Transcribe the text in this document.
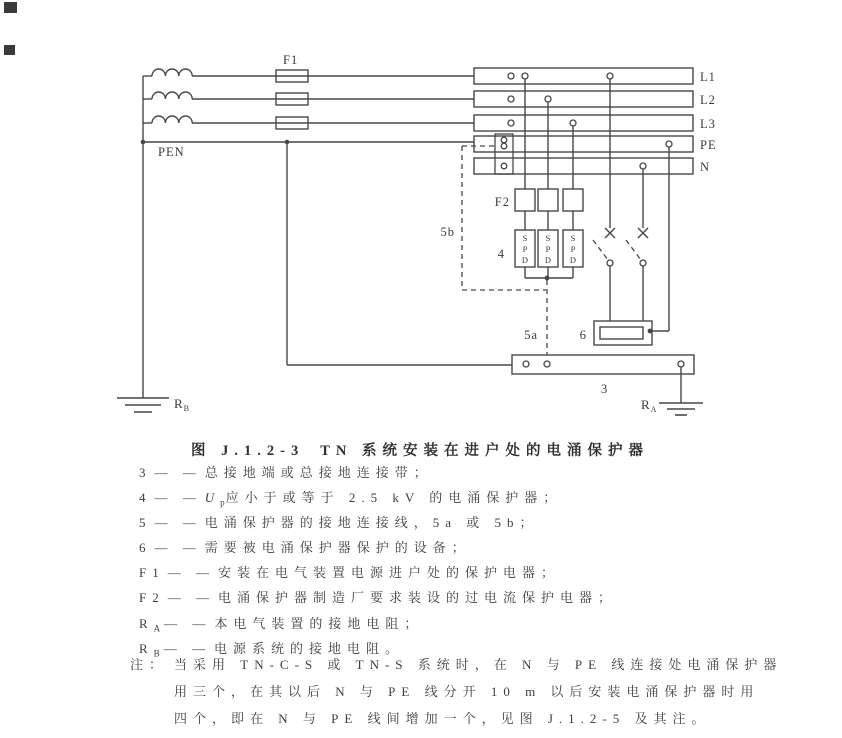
S
P
D
S
P
D
S
P
D
PEN
F1
L1
L2
L3
PE
N
F2
4
5b
5a	6
3
$R_B$	$R_A$
图 J.1.2-3 TN 系统安装在进户处的电涌保护器
3 — — 总接地端或总接地连接带；
4 — — $U_p$ 应小于或等于 2.5 kV 的电涌保护器；
5 — — 电涌保护器的接地连接线，5a 或 5b；
6 — — 需要被电涌保护器保护的设备；
F1 — — 安装在电气装置电源进户处的保护电器；
F2 — — 电涌保护器制造厂要求装设的过电流保护电器；
$R_A$ — — 本电气装置的接地电阻；
$R_B$ — — 电源系统的接地电阻。
注： 当采用 TN-C-S 或 TN-S 系统时，在 N 与 PE 线连接处电涌保护器
用三个，在其以后 N 与 PE 线分开 10 m 以后安装电涌保护器时用
四个，即在 N 与 PE 线间增加一个，见图 J.1.2-5 及其注。
